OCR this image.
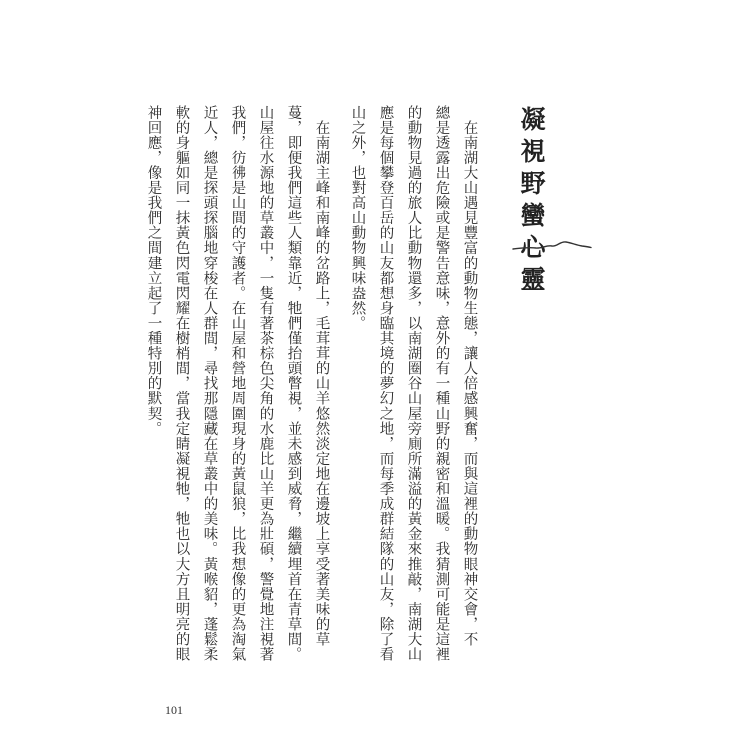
凝視野蠻心靈
　在南湖大山遇見豐富的動物生態，讓人倍感興奮，而與這裡的動物眼神交會，不
總是透露出危險或是警告意味，意外的有一種山野的親密和溫暖。我猜測可能是這裡
的動物見過的旅人比動物還多，以南湖圈谷山屋旁廁所滿溢的黃金來推敲，南湖大山
應是每個攀登百岳的山友都想身臨其境的夢幻之地，而每季成群結隊的山友，除了看
山之外，也對高山動物興味盎然。
　在南湖主峰和南峰的岔路上，毛茸茸的山羊悠然淡定地在邊坡上享受著美味的草
蔓，即便我們這些人類靠近，牠們僅抬頭瞥視，並未感到威脅，繼續埋首在青草間。
山屋往水源地的草叢中，一隻有著茶棕色尖角的水鹿比山羊更為壯碩，警覺地注視著
我們，彷彿是山間的守護者。在山屋和營地周圍現身的黃鼠狼，比我想像的更為淘氣
近人，總是探頭探腦地穿梭在人群間，尋找那隱藏在草叢中的美味。黃喉貂，蓬鬆柔
軟的身軀如同一抹黃色閃電閃耀在樹梢間，當我定睛凝視牠，牠也以大方且明亮的眼
神回應，像是我們之間建立起了一種特別的默契。
101
